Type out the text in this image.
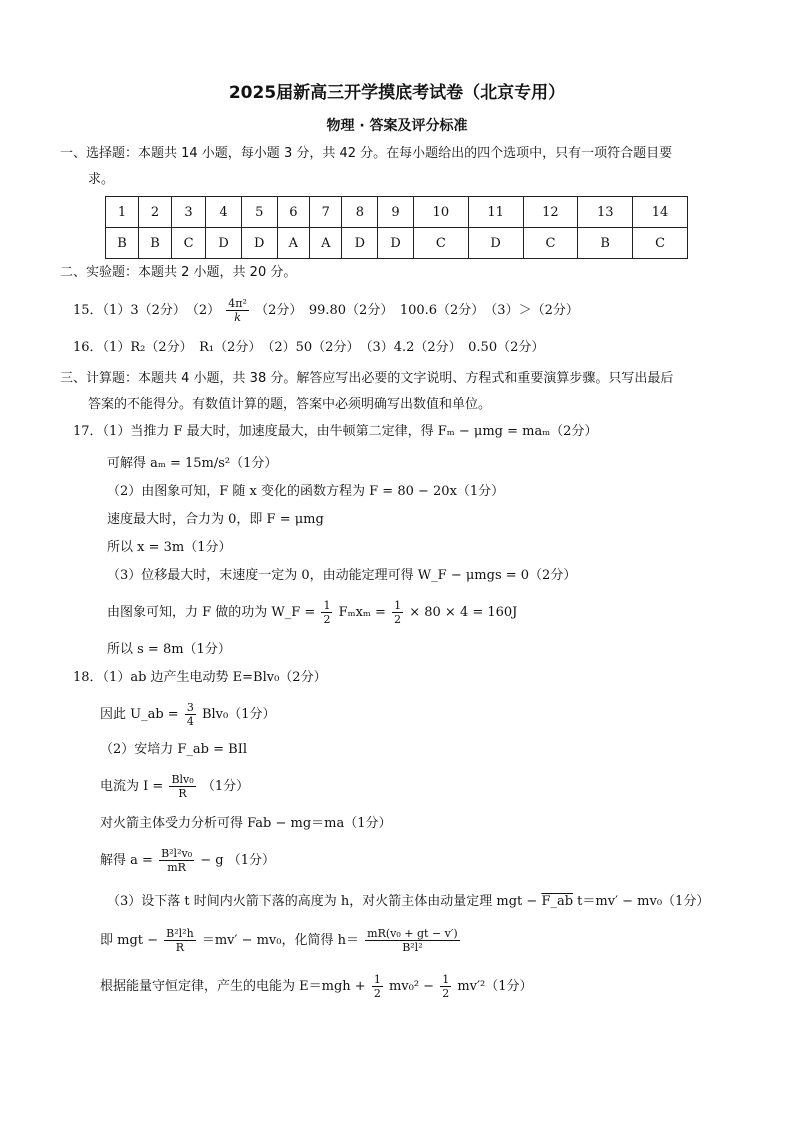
2025届新高三开学摸底考试卷（北京专用）
物理 · 答案及评分标准
一、选择题：本题共 14 小题，每小题 3 分，共 42 分。在每小题给出的四个选项中，只有一项符合题目要
求。
1	2	3	4	5	6	7	8	9	10	11	12	13	14
B	B	C	D	D	A	A	D	D	C	D	C	B	C
二、实验题：本题共 2 小题，共 20 分。
15．（1）3（2分）　$(2) \frac{\text{4π²}}{k} (2$分）　99.80（2分）　100.6（2分）　（3）＞（2分）
16．（1）R₂（2分）　R₁（2分）　（2）50（2分）　（3）4.2（2分）　0.50（2分）
三、计算题：本题共 4 小题，共 38 分。解答应写出必要的文字说明、方程式和重要演算步骤。只写出最后
答案的不能得分。有数值计算的题，答案中必须明确写出数值和单位。
17．（1）当推力 F 最大时，加速度最大，由牛顿第二定律，得 Fₘ − μmg = maₘ（2分）
可解得 aₘ = 15m/s²（1分）
（2）由图象可知，F 随 x 变化的函数方程为 F = 80 − 20x（1分）
速度最大时，合力为 0，即 F = μmg
所以 x = 3m（1分）
（3）位移最大时，末速度一定为 0，由动能定理可得 W_F − μmgs = 0（2分）
由图象可知，力 F 做的功为 W_F = $\frac{1}{2}$ $F_mx_m = \frac{1}{2} \times 80 \times 4 = 160J$
所以 s = 8m（1分）
18．（1）ab 边产生电动势 E=Blv₀（2分）
因此 U_ab = $\frac{3}{4} Blv_0(1$分）
（2）安培力 F_ab = BIl
电流为 $I = \frac{\text{Blv₀}}{R} (1$分）
对火箭主体受力分析可得 Fab − mg＝ma（1分）
解得 $a = \frac{\text{B²l²v₀}}{mR} - g$ （1分）
（3）设下落 t 时间内火箭下落的高度为 h，对火箭主体由动量定理 mgt − F_ab t＝mv′ − mv₀（1分）
即 mgt − $\frac{\text{B²l²h}}{R} =mv' - mv_0$，化简得 $h= \frac{\text{mR(v₀ + gt − v′)}}{\text{B²l²}}$
根据能量守恒定律，产生的电能为 $E=mgh + \frac{1}{2} mv_0^2 - \frac{1}{2} mv'^2(1$分）
